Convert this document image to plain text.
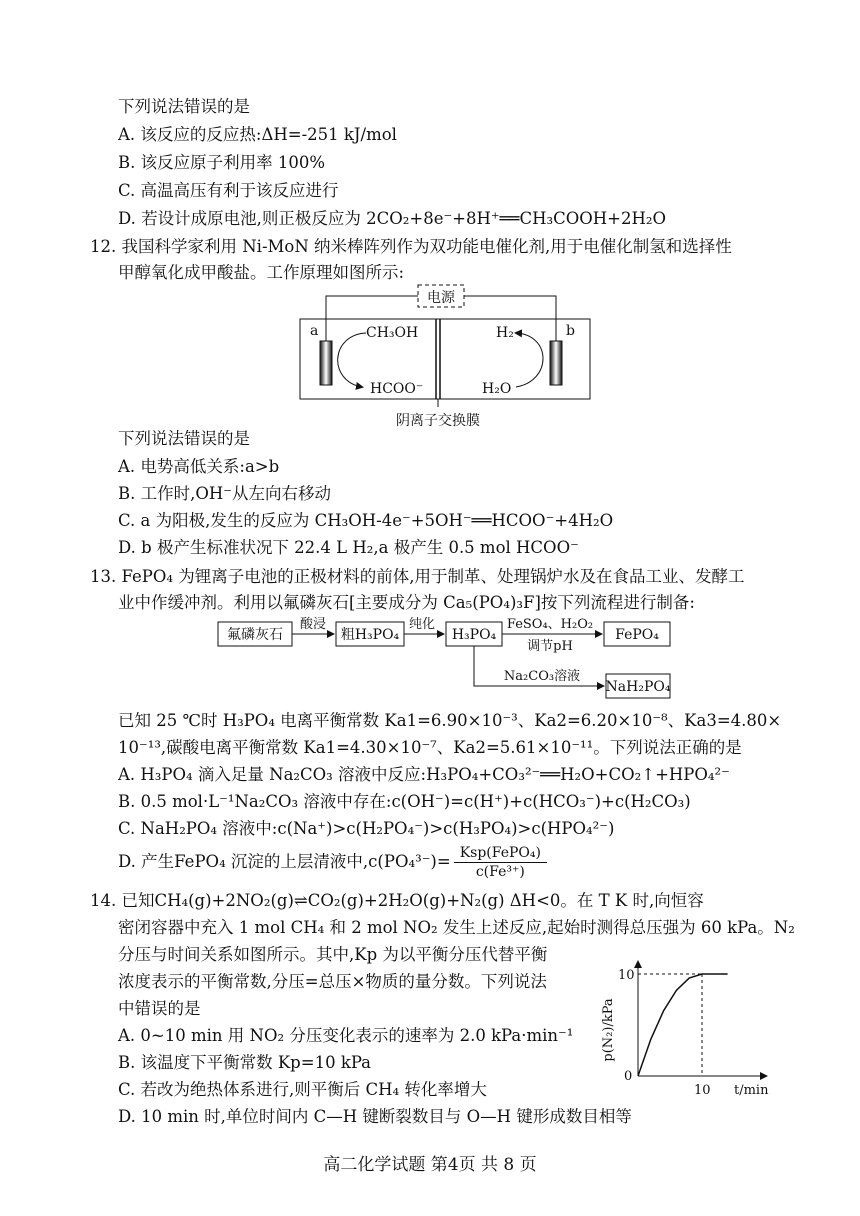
下列说法错误的是
A. 该反应的反应热:ΔH=-251 kJ/mol
B. 该反应原子利用率 100%
C. 高温高压有利于该反应进行
D. 若设计成原电池,则正极反应为 2CO₂+8e⁻+8H⁺══CH₃COOH+2H₂O
12. 我国科学家利用 Ni-MoN 纳米棒阵列作为双功能电催化剂,用于电催化制氢和选择性
甲醇氧化成甲酸盐。工作原理如图所示:
电源
a	b
CH₃OH
HCOO⁻
H₂
H₂O
阴离子交换膜
下列说法错误的是
A. 电势高低关系:a>b
B. 工作时,OH⁻从左向右移动
C. a 为阳极,发生的反应为 CH₃OH-4e⁻+5OH⁻══HCOO⁻+4H₂O
D. b 极产生标准状况下 22.4 L H₂,a 极产生 0.5 mol HCOO⁻
13. FePO₄ 为锂离子电池的正极材料的前体,用于制革、处理锅炉水及在食品工业、发酵工
业中作缓冲剂。利用以氟磷灰石[主要成分为 Ca₅(PO₄)₃F]按下列流程进行制备:
氟磷灰石
酸浸
粗H₃PO₄
纯化
H₃PO₄
FeSO₄、H₂O₂
调节pH
FePO₄
Na₂CO₃溶液
NaH₂PO₄
已知 25 ℃时 H₃PO₄ 电离平衡常数 Ka1=6.90×10⁻³、Ka2=6.20×10⁻⁸、Ka3=4.80×
10⁻¹³,碳酸电离平衡常数 Ka1=4.30×10⁻⁷、Ka2=5.61×10⁻¹¹。下列说法正确的是
A. H₃PO₄ 滴入足量 Na₂CO₃ 溶液中反应:H₃PO₄+CO₃²⁻══H₂O+CO₂↑+HPO₄²⁻
B. 0.5 mol·L⁻¹Na₂CO₃ 溶液中存在:c(OH⁻)=c(H⁺)+c(HCO₃⁻)+c(H₂CO₃)
C. NaH₂PO₄ 溶液中:c(Na⁺)>c(H₂PO₄⁻)>c(H₃PO₄)>c(HPO₄²⁻)
D. 产生FePO₄ 沉淀的上层清液中$,c(PO_4^{3-})= \frac{\text{Ksp(FePO₄)}}{\text{c(Fe³⁺)}}$
14. 已知CH₄(g)+2NO₂(g)⇌CO₂(g)+2H₂O(g)+N₂(g) ΔH<0。在 T K 时,向恒容
密闭容器中充入 1 mol CH₄ 和 2 mol NO₂ 发生上述反应,起始时测得总压强为 60 kPa。N₂
分压与时间关系如图所示。其中,Kp 为以平衡分压代替平衡
浓度表示的平衡常数,分压=总压×物质的量分数。下列说法
中错误的是
A. 0~10 min 用 NO₂ 分压变化表示的速率为 2.0 kPa·min⁻¹
B. 该温度下平衡常数 Kp=10 kPa
C. 若改为绝热体系进行,则平衡后 CH₄ 转化率增大
D. 10 min 时,单位时间内 C—H 键断裂数目与 O—H 键形成数目相等
p(N₂)/kPa
t/min
0
10
10
高二化学试题 第4页 共 8 页
